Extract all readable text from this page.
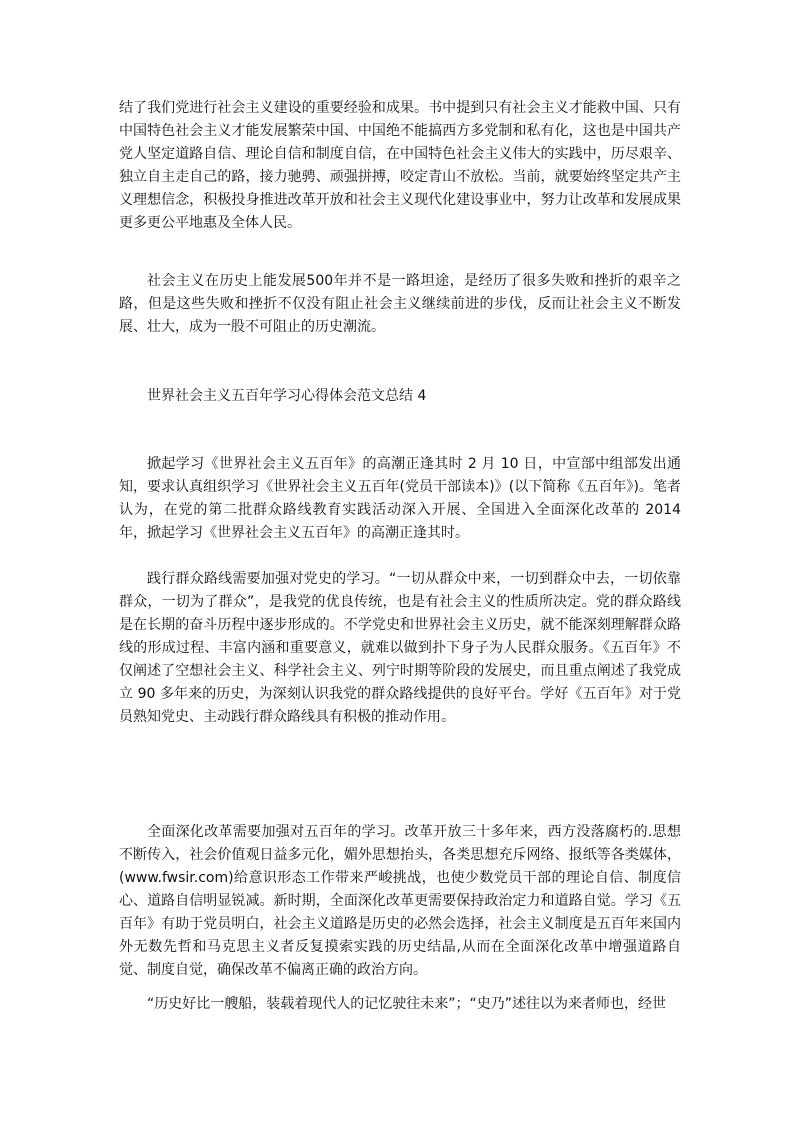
结了我们党进行社会主义建设的重要经验和成果。书中提到只有社会主义才能救中国、只有中国特色社会主义才能发展繁荣中国、中国绝不能搞西方多党制和私有化，这也是中国共产党人坚定道路自信、理论自信和制度自信，在中国特色社会主义伟大的实践中，历尽艰辛、独立自主走自己的路，接力驰骋、顽强拼搏，咬定青山不放松。当前，就要始终坚定共产主义理想信念，积极投身推进改革开放和社会主义现代化建设事业中，努力让改革和发展成果更多更公平地惠及全体人民。

社会主义在历史上能发展500年并不是一路坦途，是经历了很多失败和挫折的艰辛之路，但是这些失败和挫折不仅没有阻止社会主义继续前进的步伐，反而让社会主义不断发展、壮大，成为一股不可阻止的历史潮流。

世界社会主义五百年学习心得体会范文总结 4

掀起学习《世界社会主义五百年》的高潮正逢其时 2 月 10 日，中宣部中组部发出通知，要求认真组织学习《世界社会主义五百年(党员干部读本)》(以下简称《五百年》)。笔者认为，在党的第二批群众路线教育实践活动深入开展、全国进入全面深化改革的 2014 年，掀起学习《世界社会主义五百年》的高潮正逢其时。

践行群众路线需要加强对党史的学习。“一切从群众中来，一切到群众中去，一切依靠群众，一切为了群众”，是我党的优良传统，也是有社会主义的性质所决定。党的群众路线是在长期的奋斗历程中逐步形成的。不学党史和世界社会主义历史，就不能深刻理解群众路线的形成过程、丰富内涵和重要意义，就难以做到扑下身子为人民群众服务。《五百年》不仅阐述了空想社会主义、科学社会主义、列宁时期等阶段的发展史，而且重点阐述了我党成立 90 多年来的历史，为深刻认识我党的群众路线提供的良好平台。学好《五百年》对于党员熟知党史、主动践行群众路线具有积极的推动作用。

全面深化改革需要加强对五百年的学习。改革开放三十多年来，西方没落腐朽的.思想不断传入，社会价值观日益多元化，媚外思想抬头，各类思想充斥网络、报纸等各类媒体，(www.fwsir.com)给意识形态工作带来严峻挑战，也使少数党员干部的理论自信、制度信心、道路自信明显锐减。新时期，全面深化改革更需要保持政治定力和道路自觉。学习《五百年》有助于党员明白，社会主义道路是历史的必然会选择，社会主义制度是五百年来国内外无数先哲和马克思主义者反复摸索实践的历史结晶,从而在全面深化改革中增强道路自觉、制度自觉，确保改革不偏离正确的政治方向。

“历史好比一艘船，装载着现代人的记忆驶往未来”；“史乃”述往以为来者师也，经世
